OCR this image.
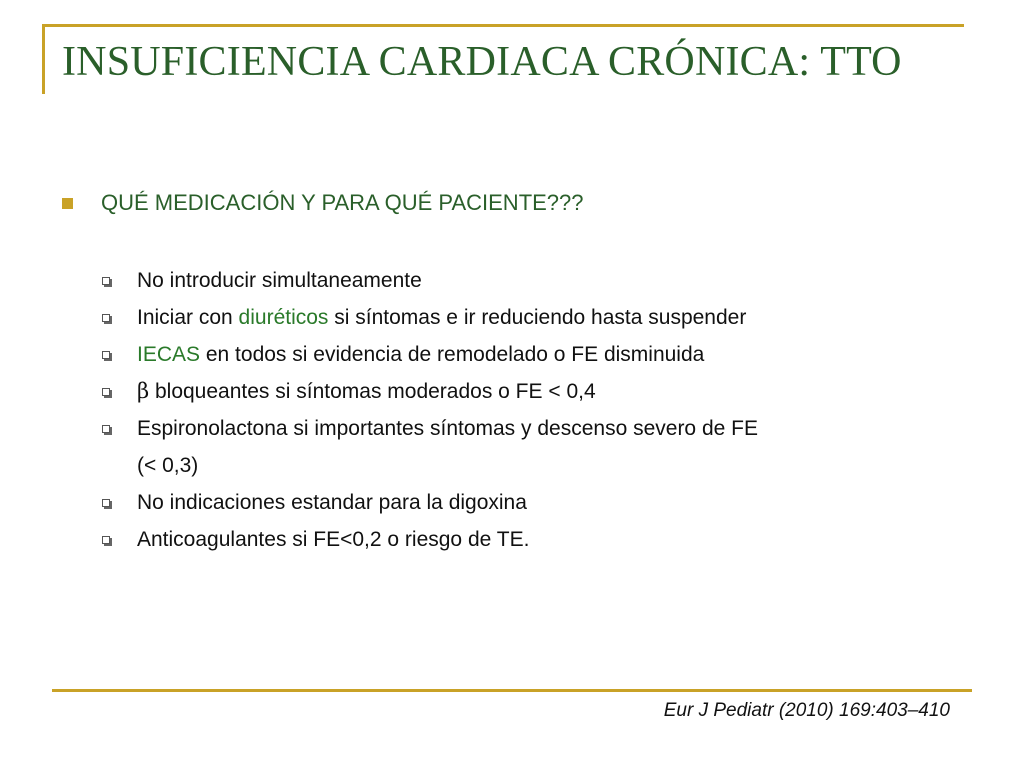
INSUFICIENCIA CARDIACA CRÓNICA: TTO
QUÉ MEDICACIÓN Y PARA QUÉ PACIENTE???
No introducir simultaneamente
Iniciar con diuréticos si síntomas e ir reduciendo hasta suspender
IECAS en todos si evidencia de remodelado o FE disminuida
β bloqueantes si síntomas moderados o FE < 0,4
Espironolactona si importantes síntomas y descenso severo de FE
(< 0,3)
No indicaciones estandar para la digoxina
Anticoagulantes si FE<0,2 o riesgo de TE.
Eur J Pediatr (2010) 169:403–410
